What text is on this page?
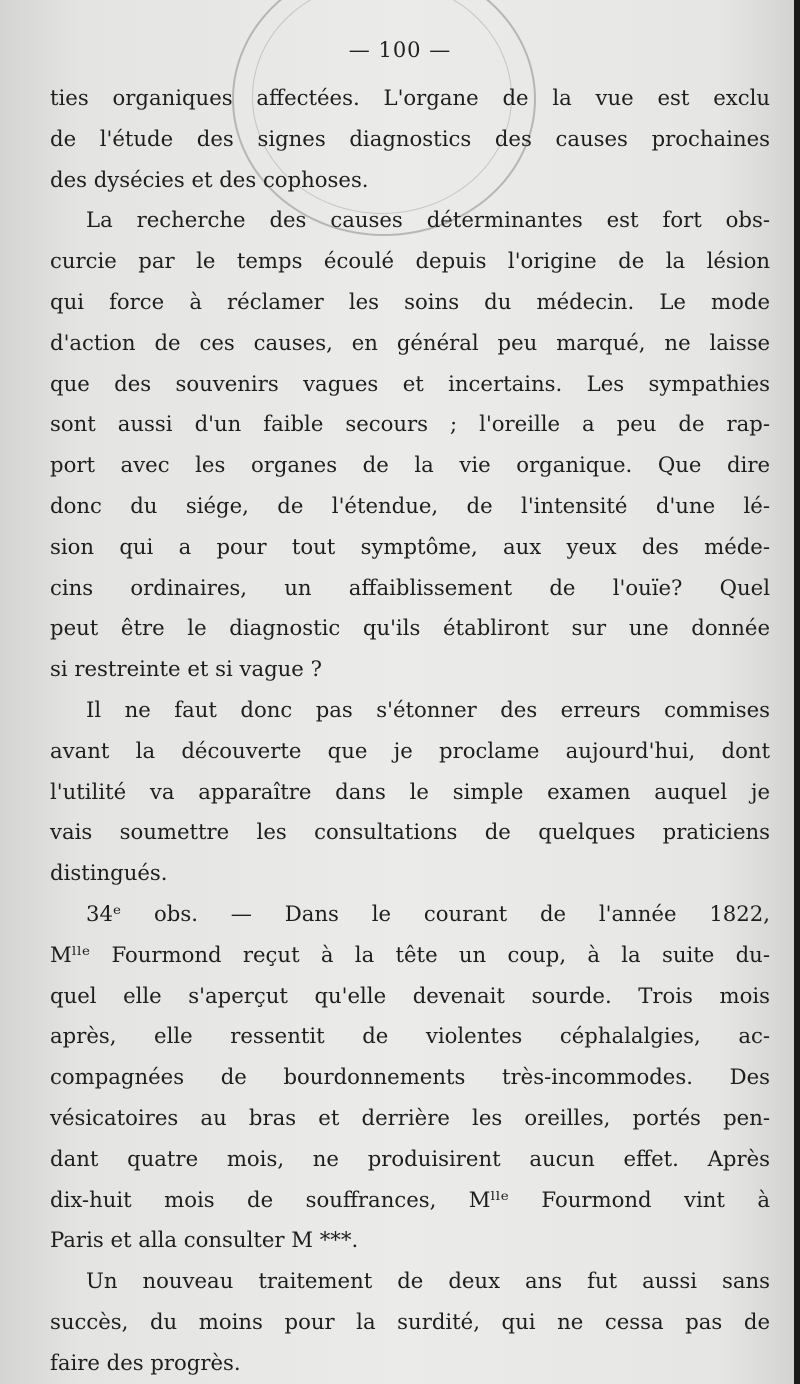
— 100 —
ties organiques affectées. L'organe de la vue est exclu
de l'étude des signes diagnostics des causes prochaines
des dysécies et des cophoses.
La recherche des causes déterminantes est fort obs-
curcie par le temps écoulé depuis l'origine de la lésion
qui force à réclamer les soins du médecin. Le mode
d'action de ces causes, en général peu marqué, ne laisse
que des souvenirs vagues et incertains. Les sympathies
sont aussi d'un faible secours ; l'oreille a peu de rap-
port avec les organes de la vie organique. Que dire
donc du siége, de l'étendue, de l'intensité d'une lé-
sion qui a pour tout symptôme, aux yeux des méde-
cins ordinaires, un affaiblissement de l'ouïe? Quel
peut être le diagnostic qu'ils établiront sur une donnée
si restreinte et si vague ?
Il ne faut donc pas s'étonner des erreurs commises
avant la découverte que je proclame aujourd'hui, dont
l'utilité va apparaître dans le simple examen auquel je
vais soumettre les consultations de quelques praticiens
distingués.
34ᵉ obs. — Dans le courant de l'année 1822,
Mˡˡᵉ Fourmond reçut à la tête un coup, à la suite du-
quel elle s'aperçut qu'elle devenait sourde. Trois mois
après, elle ressentit de violentes céphalalgies, ac-
compagnées de bourdonnements très-incommodes. Des
vésicatoires au bras et derrière les oreilles, portés pen-
dant quatre mois, ne produisirent aucun effet. Après
dix-huit mois de souffrances, Mˡˡᵉ Fourmond vint à
Paris et alla consulter M ***.
Un nouveau traitement de deux ans fut aussi sans
succès, du moins pour la surdité, qui ne cessa pas de
faire des progrès.
